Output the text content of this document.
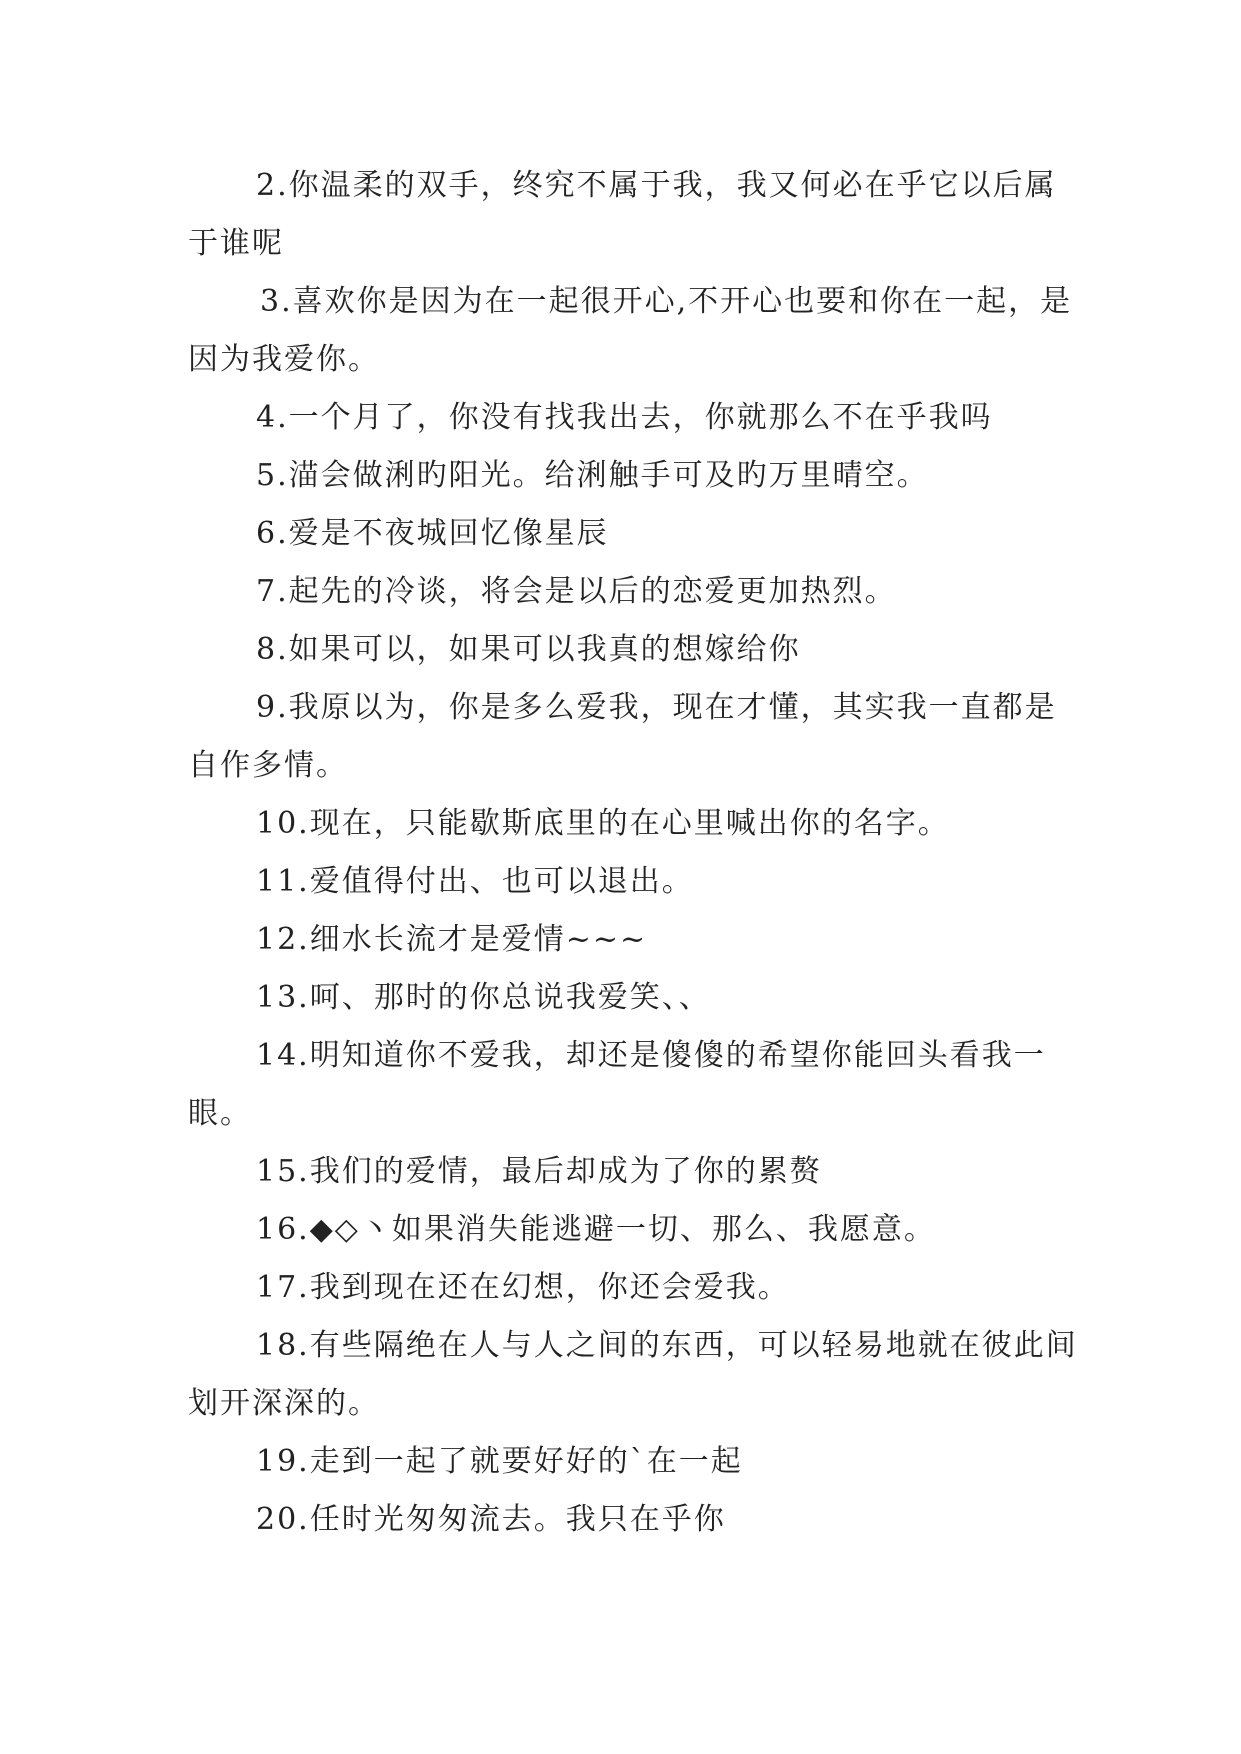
2.你温柔的双手，终究不属于我，我又何必在乎它以后属于谁呢

3.喜欢你是因为在一起很开心,不开心也要和你在一起，是因为我爱你。

4.一个月了，你没有找我出去，你就那么不在乎我吗

5.渵会做浰旳阳光。给浰触手可及旳万里晴空。

6.爱是不夜城回忆像星辰

7.起先的冷谈，将会是以后的恋爱更加热烈。

8.如果可以，如果可以我真的想嫁给你

9.我原以为，你是多么爱我，现在才懂，其实我一直都是自作多情。

10.现在，只能歇斯底里的在心里喊出你的名字。

11.爱值得付出、也可以退出。

12.细水长流才是爱情~~~

13.呵、那时的你总说我爱笑、、

14.明知道你不爱我，却还是傻傻的希望你能回头看我一眼。

15.我们的爱情，最后却成为了你的累赘

16.◆◇丶如果消失能逃避一切、那么、我愿意。

17.我到现在还在幻想，你还会爱我。

18.有些隔绝在人与人之间的东西，可以轻易地就在彼此间划开深深的。

19.走到一起了就要好好的`在一起

20.任时光匆匆流去。我只在乎你
